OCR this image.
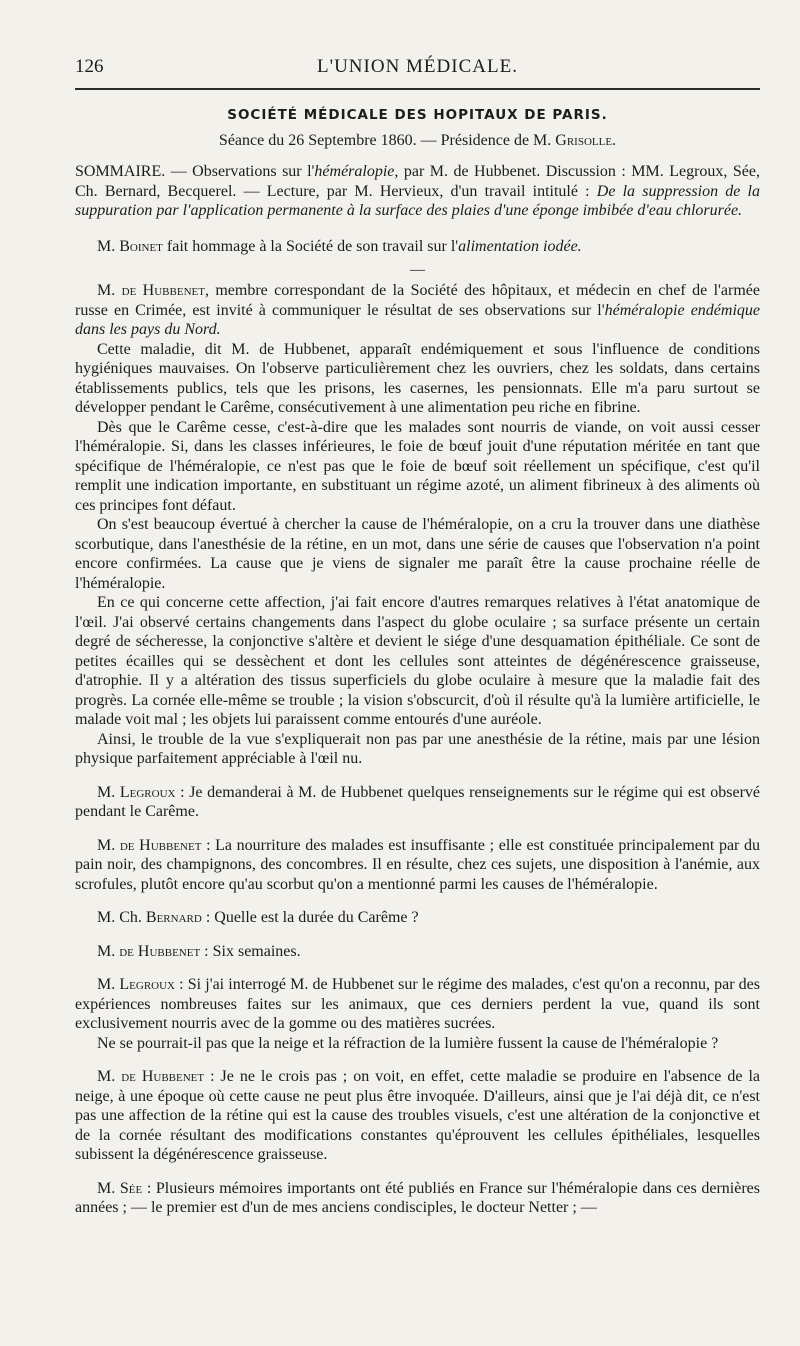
126	L'UNION MÉDICALE.
SOCIÉTÉ MÉDICALE DES HOPITAUX DE PARIS.
Séance du 26 Septembre 1860. — Présidence de M. Grisolle.
SOMMAIRE. — Observations sur l'héméralopie, par M. de Hubbenet. Discussion : MM. Legroux, Sée, Ch. Bernard, Becquerel. — Lecture, par M. Hervieux, d'un travail intitulé : De la suppression de la suppuration par l'application permanente à la surface des plaies d'une éponge imbibée d'eau chlorurée.

M. Boinet fait hommage à la Société de son travail sur l'alimentation iodée.

—

M. de Hubbenet, membre correspondant de la Société des hôpitaux, et médecin en chef de l'armée russe en Crimée, est invité à communiquer le résultat de ses observations sur l'héméralopie endémique dans les pays du Nord.

Cette maladie, dit M. de Hubbenet, apparaît endémiquement et sous l'influence de conditions hygiéniques mauvaises. On l'observe particulièrement chez les ouvriers, chez les soldats, dans certains établissements publics, tels que les prisons, les casernes, les pensionnats. Elle m'a paru surtout se développer pendant le Carême, consécutivement à une alimentation peu riche en fibrine.

Dès que le Carême cesse, c'est-à-dire que les malades sont nourris de viande, on voit aussi cesser l'héméralopie. Si, dans les classes inférieures, le foie de bœuf jouit d'une réputation méritée en tant que spécifique de l'héméralopie, ce n'est pas que le foie de bœuf soit réellement un spécifique, c'est qu'il remplit une indication importante, en substituant un régime azoté, un aliment fibrineux à des aliments où ces principes font défaut.

On s'est beaucoup évertué à chercher la cause de l'héméralopie, on a cru la trouver dans une diathèse scorbutique, dans l'anesthésie de la rétine, en un mot, dans une série de causes que l'observation n'a point encore confirmées. La cause que je viens de signaler me paraît être la cause prochaine réelle de l'héméralopie.

En ce qui concerne cette affection, j'ai fait encore d'autres remarques relatives à l'état anatomique de l'œil. J'ai observé certains changements dans l'aspect du globe oculaire ; sa surface présente un certain degré de sécheresse, la conjonctive s'altère et devient le siége d'une desquamation épithéliale. Ce sont de petites écailles qui se dessèchent et dont les cellules sont atteintes de dégénérescence graisseuse, d'atrophie. Il y a altération des tissus superficiels du globe oculaire à mesure que la maladie fait des progrès. La cornée elle-même se trouble ; la vision s'obscurcit, d'où il résulte qu'à la lumière artificielle, le malade voit mal ; les objets lui paraissent comme entourés d'une auréole.

Ainsi, le trouble de la vue s'expliquerait non pas par une anesthésie de la rétine, mais par une lésion physique parfaitement appréciable à l'œil nu.

M. Legroux : Je demanderai à M. de Hubbenet quelques renseignements sur le régime qui est observé pendant le Carême.

M. de Hubbenet : La nourriture des malades est insuffisante ; elle est constituée principalement par du pain noir, des champignons, des concombres. Il en résulte, chez ces sujets, une disposition à l'anémie, aux scrofules, plutôt encore qu'au scorbut qu'on a mentionné parmi les causes de l'héméralopie.

M. Ch. Bernard : Quelle est la durée du Carême ?

M. de Hubbenet : Six semaines.

M. Legroux : Si j'ai interrogé M. de Hubbenet sur le régime des malades, c'est qu'on a reconnu, par des expériences nombreuses faites sur les animaux, que ces derniers perdent la vue, quand ils sont exclusivement nourris avec de la gomme ou des matières sucrées.

Ne se pourrait-il pas que la neige et la réfraction de la lumière fussent la cause de l'héméralopie ?

M. de Hubbenet : Je ne le crois pas ; on voit, en effet, cette maladie se produire en l'absence de la neige, à une époque où cette cause ne peut plus être invoquée. D'ailleurs, ainsi que je l'ai déjà dit, ce n'est pas une affection de la rétine qui est la cause des troubles visuels, c'est une altération de la conjonctive et de la cornée résultant des modifications constantes qu'éprouvent les cellules épithéliales, lesquelles subissent la dégénérescence graisseuse.

M. Sée : Plusieurs mémoires importants ont été publiés en France sur l'héméralopie dans ces dernières années ; — le premier est d'un de mes anciens condisciples, le docteur Netter ; —
